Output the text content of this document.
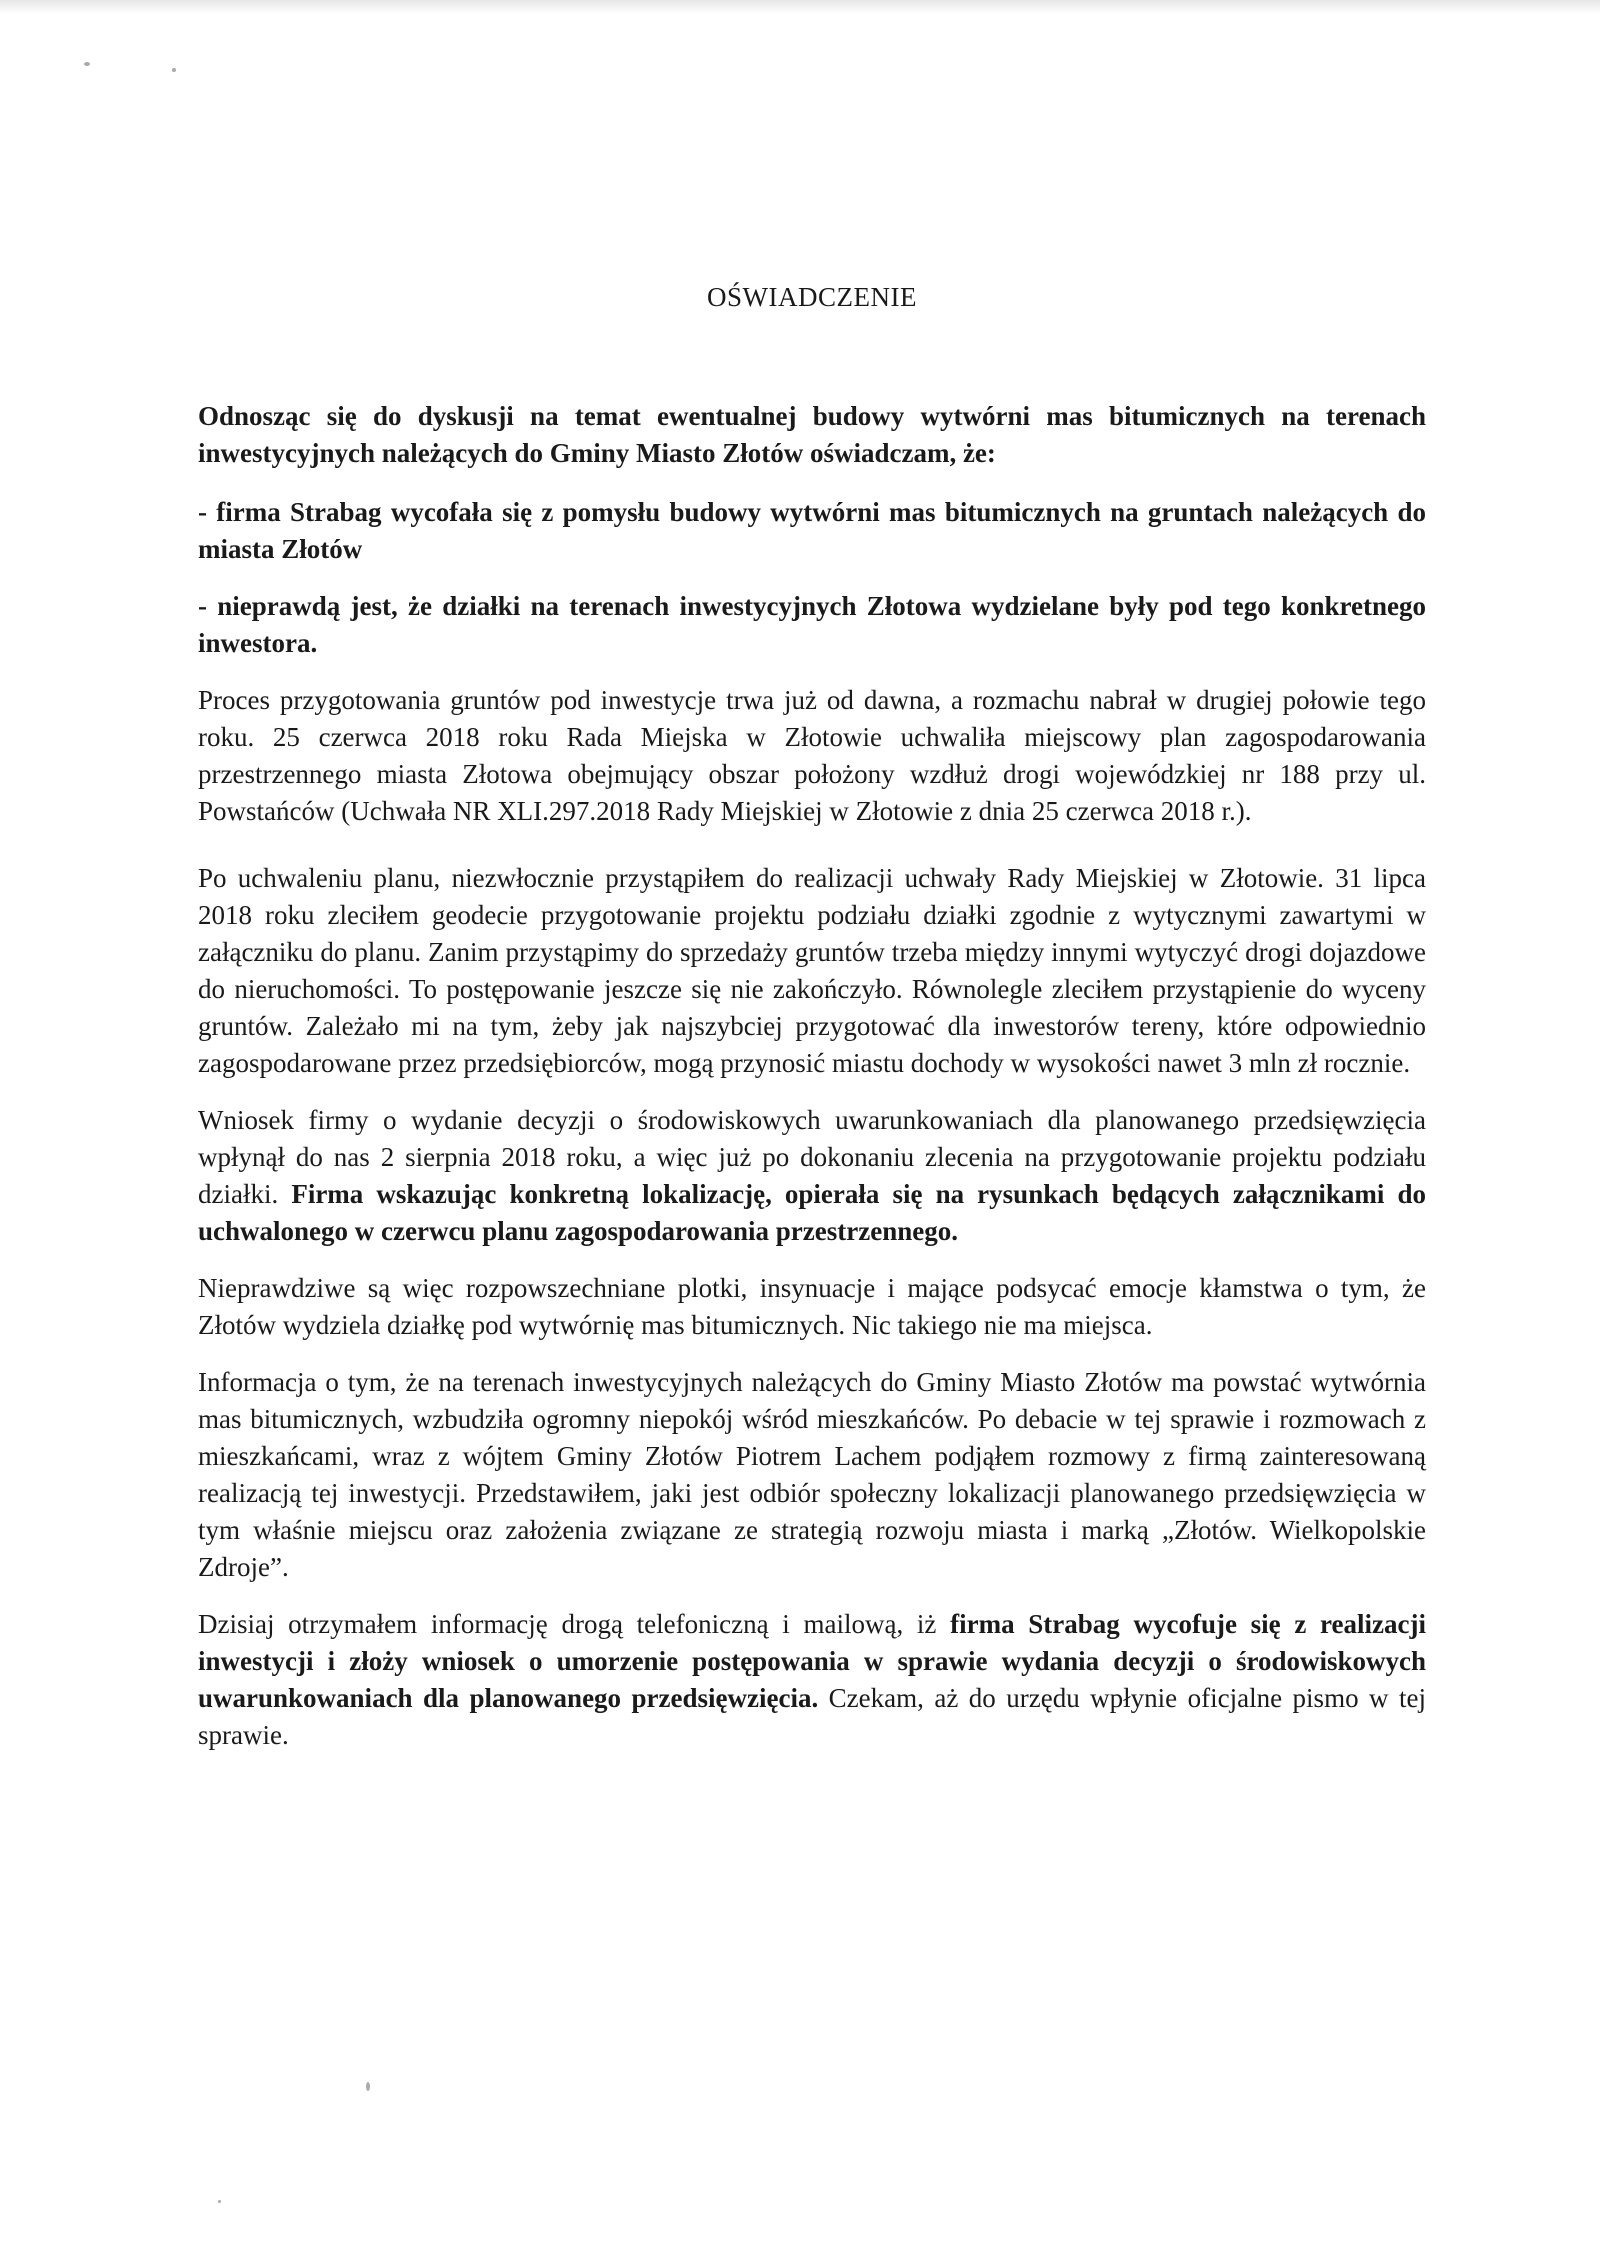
OŚWIADCZENIE

Odnosząc się do dyskusji na temat ewentualnej budowy wytwórni mas bitumicznych na terenach inwestycyjnych należących do Gminy Miasto Złotów oświadczam, że:

- firma Strabag wycofała się z pomysłu budowy wytwórni mas bitumicznych na gruntach należących do miasta Złotów

- nieprawdą jest, że działki na terenach inwestycyjnych Złotowa wydzielane były pod tego konkretnego inwestora.

Proces przygotowania gruntów pod inwestycje trwa już od dawna, a rozmachu nabrał w drugiej połowie tego roku. 25 czerwca 2018 roku Rada Miejska w Złotowie uchwaliła miejscowy plan zagospodarowania przestrzennego miasta Złotowa obejmujący obszar położony wzdłuż drogi wojewódzkiej nr 188 przy ul. Powstańców (Uchwała NR XLI.297.2018 Rady Miejskiej w Złotowie z dnia 25 czerwca 2018 r.).

Po uchwaleniu planu, niezwłocznie przystąpiłem do realizacji uchwały Rady Miejskiej w Złotowie. 31 lipca 2018 roku zleciłem geodecie przygotowanie projektu podziału działki zgodnie z wytycznymi zawartymi w załączniku do planu. Zanim przystąpimy do sprzedaży gruntów trzeba między innymi wytyczyć drogi dojazdowe do nieruchomości. To postępowanie jeszcze się nie zakończyło. Równolegle zleciłem przystąpienie do wyceny gruntów. Zależało mi na tym, żeby jak najszybciej przygotować dla inwestorów tereny, które odpowiednio zagospodarowane przez przedsiębiorców, mogą przynosić miastu dochody w wysokości nawet 3 mln zł rocznie.

Wniosek firmy o wydanie decyzji o środowiskowych uwarunkowaniach dla planowanego przedsięwzięcia wpłynął do nas 2 sierpnia 2018 roku, a więc już po dokonaniu zlecenia na przygotowanie projektu podziału działki. Firma wskazując konkretną lokalizację, opierała się na rysunkach będących załącznikami do uchwalonego w czerwcu planu zagospodarowania przestrzennego.

Nieprawdziwe są więc rozpowszechniane plotki, insynuacje i mające podsycać emocje kłamstwa o tym, że Złotów wydziela działkę pod wytwórnię mas bitumicznych. Nic takiego nie ma miejsca.

Informacja o tym, że na terenach inwestycyjnych należących do Gminy Miasto Złotów ma powstać wytwórnia mas bitumicznych, wzbudziła ogromny niepokój wśród mieszkańców. Po debacie w tej sprawie i rozmowach z mieszkańcami, wraz z wójtem Gminy Złotów Piotrem Lachem podjąłem rozmowy z firmą zainteresowaną realizacją tej inwestycji. Przedstawiłem, jaki jest odbiór społeczny lokalizacji planowanego przedsięwzięcia w tym właśnie miejscu oraz założenia związane ze strategią rozwoju miasta i marką „Złotów. Wielkopolskie Zdroje”.

Dzisiaj otrzymałem informację drogą telefoniczną i mailową, iż firma Strabag wycofuje się z realizacji inwestycji i złoży wniosek o umorzenie postępowania w sprawie wydania decyzji o środowiskowych uwarunkowaniach dla planowanego przedsięwzięcia. Czekam, aż do urzędu wpłynie oficjalne pismo w tej sprawie.
